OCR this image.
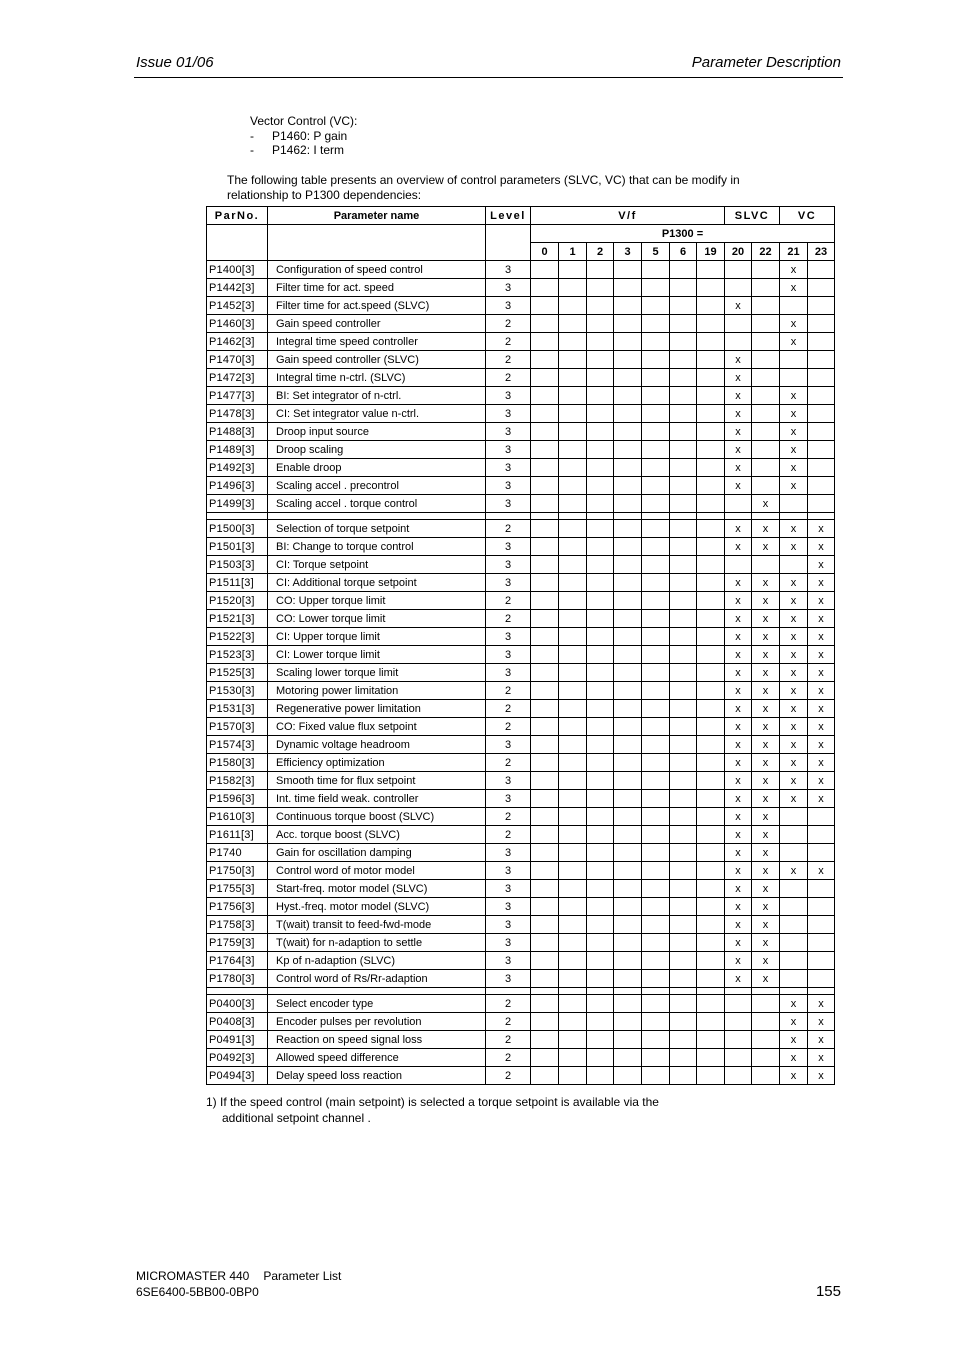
Issue 01/06	Parameter Description
Vector Control (VC):
-	P1460: P gain
-	P1462: I term
The following table presents an overview of control parameters (SLVC, VC) that can be modify in relationship to P1300 dependencies:
ParNo.	Parameter name	Level	V/f							SLVC		VC	
			P1300 =										
			0	1	2	3	5	6	19	20	22	21	23
P1400[3]	Configuration of speed control	3										x	
P1442[3]	Filter time for act. speed	3										x	
P1452[3]	Filter time for act.speed (SLVC)	3								x			
P1460[3]	Gain speed controller	2										x	
P1462[3]	Integral time speed controller	2										x	
P1470[3]	Gain speed controller (SLVC)	2								x			
P1472[3]	Integral time n-ctrl. (SLVC)	2								x			
P1477[3]	BI: Set integrator of n-ctrl.	3								x		x	
P1478[3]	CI: Set integrator value n-ctrl.	3								x		x	
P1488[3]	Droop input source	3								x		x	
P1489[3]	Droop scaling	3								x		x	
P1492[3]	Enable droop	3								x		x	
P1496[3]	Scaling accel . precontrol	3								x		x	
P1499[3]	Scaling accel . torque control	3									x		

P1500[3]	Selection of torque setpoint	2								x	x	x	x
P1501[3]	BI: Change to torque control	3								x	x	x	x
P1503[3]	CI: Torque setpoint	3											x
P1511[3]	CI: Additional torque setpoint	3								x	x	x	x
P1520[3]	CO: Upper torque limit	2								x	x	x	x
P1521[3]	CO: Lower torque limit	2								x	x	x	x
P1522[3]	CI: Upper torque limit	3								x	x	x	x
P1523[3]	CI: Lower torque limit	3								x	x	x	x
P1525[3]	Scaling lower torque limit	3								x	x	x	x
P1530[3]	Motoring power limitation	2								x	x	x	x
P1531[3]	Regenerative power limitation	2								x	x	x	x
P1570[3]	CO: Fixed value flux setpoint	2								x	x	x	x
P1574[3]	Dynamic voltage headroom	3								x	x	x	x
P1580[3]	Efficiency optimization	2								x	x	x	x
P1582[3]	Smooth time for flux setpoint	3								x	x	x	x
P1596[3]	Int. time field weak. controller	3								x	x	x	x
P1610[3]	Continuous torque boost (SLVC)	2								x	x		
P1611[3]	Acc. torque boost (SLVC)	2								x	x		
P1740	Gain for oscillation damping	3								x	x		
P1750[3]	Control word of motor model	3								x	x	x	x
P1755[3]	Start-freq. motor model (SLVC)	3								x	x		
P1756[3]	Hyst.-freq. motor model (SLVC)	3								x	x		
P1758[3]	T(wait) transit to feed-fwd-mode	3								x	x		
P1759[3]	T(wait) for n-adaption to settle	3								x	x		
P1764[3]	Kp of n-adaption (SLVC)	3								x	x		
P1780[3]	Control word of Rs/Rr-adaption	3								x	x		

P0400[3]	Select encoder type	2										x	x
P0408[3]	Encoder pulses per revolution	2										x	x
P0491[3]	Reaction on speed signal loss	2										x	x
P0492[3]	Allowed speed difference	2										x	x
P0494[3]	Delay speed loss reaction	2										x	x
1) If the speed control (main setpoint) is selected a torque setpoint is available via the
additional setpoint channel .
MICROMASTER 440 Parameter List
6SE6400-5BB00-0BP0	155
